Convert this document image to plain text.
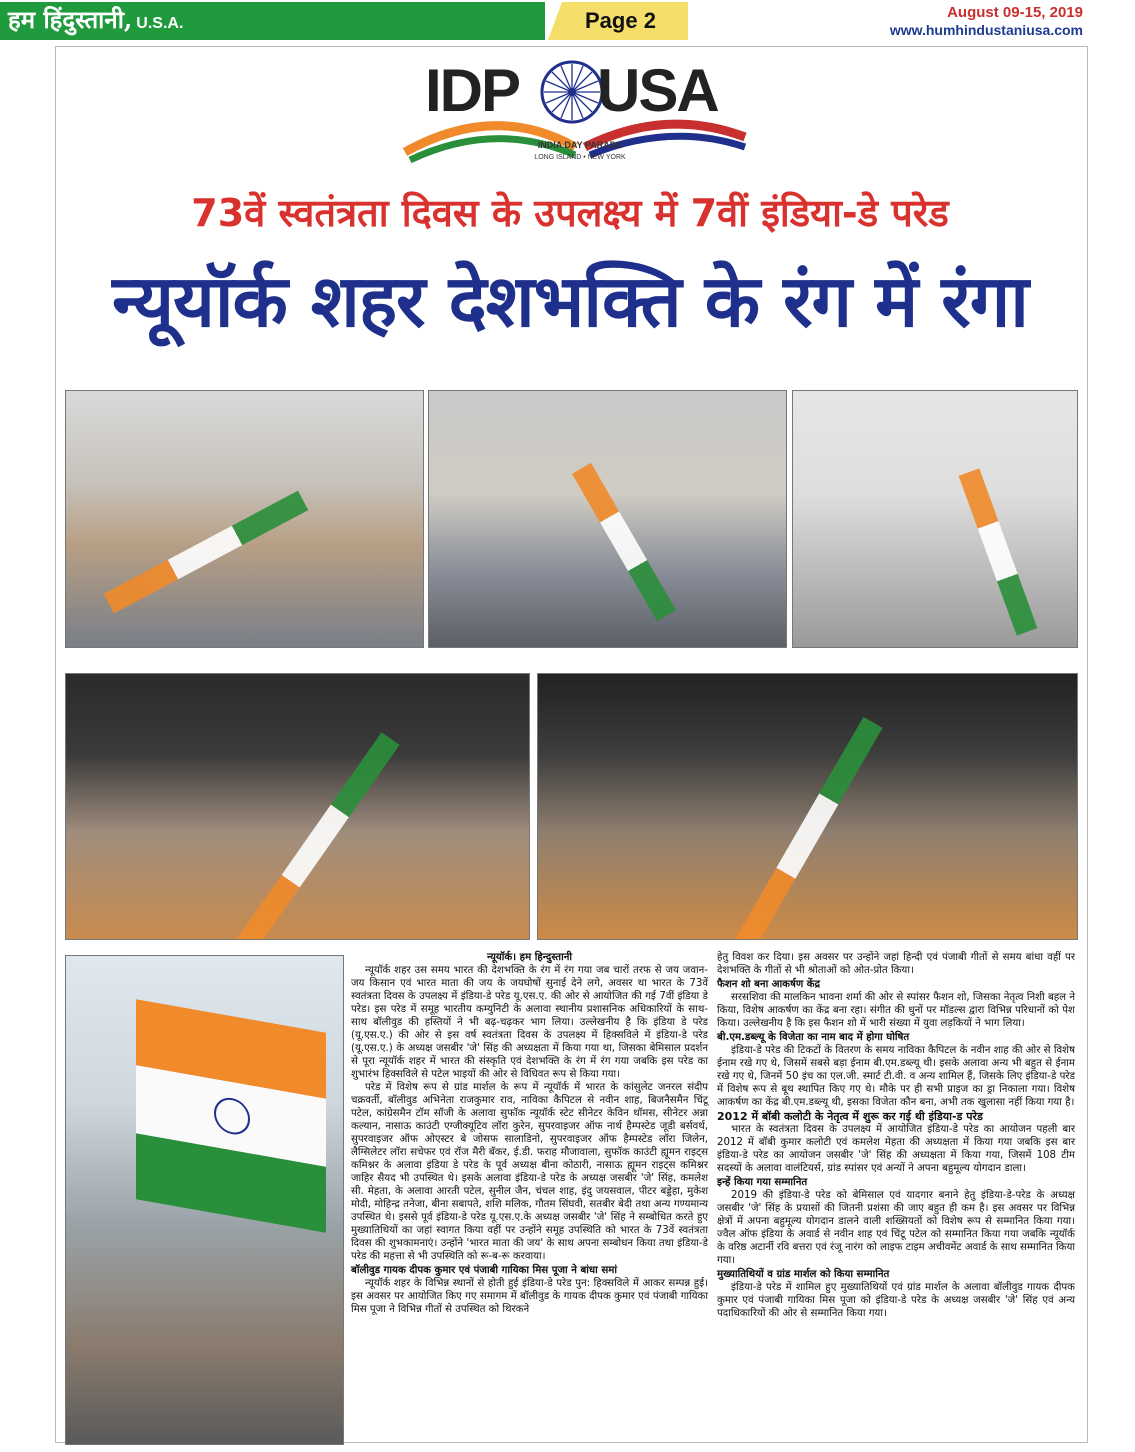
हम हिंदुस्तानी, U.S.A.	Page 2	August 09-15, 2019
www.humhindustaniusa.com
IDP USA
INDIA DAY PARADE
LONG ISLAND • NEW YORK
73वें स्वतंत्रता दिवस के उपलक्ष्य में 7वीं इंडिया-डे परेड
न्यूयॉर्क शहर देशभक्ति के रंग में रंगा

न्यूयॉर्क। हम हिन्दुस्तानी

न्यूयॉर्क शहर उस समय भारत की देशभक्ति के रंग में रंग गया जब चारों तरफ से जय जवान-जय किसान एवं भारत माता की जय के जयघोषों सुनाई देने लगे, अवसर था भारत के 73वें स्वतंत्रता दिवस के उपलक्ष्य में इंडिया-डे परेड यू.एस.ए. की ओर से आयोजित की गई 7वीं इंडिया डे परेड। इस परेड में समूह भारतीय कम्युनिटी के अलावा स्थानीय प्रशासनिक अधिकारियों के साथ-साथ बॉलीवुड की हस्तियों ने भी बढ़-चढ़कर भाग लिया। उल्लेखनीय है कि इंडिया डे परेड (यू.एस.ए.) की ओर से इस वर्ष स्वतंत्रता दिवस के उपलक्ष्य में हिक्सविले में इंडिया-डे परेड (यू.एस.ए.) के अध्यक्ष जसबीर 'जे' सिंह की अध्यक्षता में किया गया था, जिसका बेमिसाल प्रदर्शन से पूरा न्यूयॉर्क शहर में भारत की संस्कृति एवं देशभक्ति के रंग में रंग गया जबकि इस परेड का शुभारंभ हिक्सविले से पटेल भाइयों की ओर से विधिवत रूप से किया गया।

परेड में विशेष रूप से ग्रांड मार्शल के रूप में न्यूयॉर्क में भारत के कांसुलेट जनरल संदीप चक्रवर्ती, बॉलीवुड अभिनेता राजकुमार राव, नाविका कैपिटल से नवीन शाह, बिजनैसमैन चिंटू पटेल, कांग्रेसमैन टॉम सॉजी के अलावा सुफॉक न्यूयॉर्क स्टेट सीनेटर केविन थॉमस, सीनेटर अन्ना कल्यान, नासाऊ काउंटी एग्जीक्यूटिव लॉरा कुरेन, सुपरवाइजर ऑफ नार्थ हैम्पस्टेड जूडी बर्सवर्थ, सुपरवाइजर ऑफ ओएस्टर बे जोसफ सालाडिनो, सुपरवाइजर ऑफ हैम्पस्टेड लॉरा जिलेन, लैग्सिलेटर लॉरा सचेफर एवं रॉज मैरी बॅकर, ई.डी. फराह मौजावाला, सुफॉक काउंटी ह्यूमन राइट्स कमिश्नर के अलावा इंडिया डे परेड के पूर्व अध्यक्ष बीना कोठारी, नासाऊ ह्यूमन राइट्स कमिश्नर जाहिर सैयद भी उपस्थित थे। इसके अलावा इंडिया-डे परेड के अध्यक्ष जसबीर 'जे' सिंह, कमलेश सी. मेहता, के अलावा आरती पटेल, सुनील जैन, चंचल शाह, इंदु जयसवाल, पीटर बड्डेहा, मुकेश मोदी, मोहिन्द्र तनेजा, बीना सबापते, शशि मलिक, गौतम सिंघवी, सतबीर बेदी तथा अन्य गण्यमान्य उपस्थित थे। इससे पूर्व इंडिया-डे परेड यू.एस.ए.के अध्यक्ष जसबीर 'जे' सिंह ने सम्बोधित करते हुए मुख्यातिथियों का जहां स्वागत किया वहीं पर उन्होंने समूह उपस्थिति को भारत के 73वें स्वतंत्रता दिवस की शुभकामनाएं। उन्होंने 'भारत माता की जय' के साथ अपना सम्बोधन किया तथा इंडिया-डे परेड की महत्ता से भी उपस्थिति को रू-ब-रू करवाया।

बॉलीवुड गायक दीपक कुमार एवं पंजाबी गायिका मिस पूजा ने बांधा समां

न्यूयॉर्क शहर के विभिन्न स्थानों से होती हुई इंडिया-डे परेड पुन: हिक्सविले में आकर सम्पन्न हुई। इस अवसर पर आयोजित किए गए समागम में बॉलीवुड के गायक दीपक कुमार एवं पंजाबी गायिका मिस पूजा ने विभिन्न गीतों से उपस्थित को थिरकने

हेतु विवश कर दिया। इस अवसर पर उन्होंने जहां हिन्दी एवं पंजाबी गीतों से समय बांधा वहीं पर देशभक्ति के गीतों से भी श्रोताओं को ओत-प्रोत किया।

फैशन शो बना आकर्षण केंद्र

सरसशिवा की मालकिन भावना शर्मा की ओर से स्पांसर फैशन शो, जिसका नेतृत्व निशी बहल ने किया, विशेष आकर्षण का केंद्र बना रहा। संगीत की धुनों पर मॉडल्स द्वारा विभिन्न परिधानों को पेश किया। उल्लेखनीय है कि इस फैशन शो में भारी संख्या में युवा लड़कियों ने भाग लिया।

बी.एम.डब्ल्यू के विजेता का नाम बाद में होगा घोषित

इंडिया-डे परेड की टिकटों के वितरण के समय नाविका कैपिटल के नवीन शाह की ओर से विशेष ईनाम रखे गए थे, जिसमें सबसे बड़ा ईनाम बी.एम.डब्ल्यू थी। इसके अलावा अन्य भी बहुत से ईनाम रखे गए थे, जिनमें 50 इंच का एल.जी. स्मार्ट टी.वी. व अन्य शामिल हैं, जिसके लिए इंडिया-डे परेड में विशेष रूप से बूथ स्थापित किए गए थे। मौके पर ही सभी प्राइज का ड्रा निकाला गया। विशेष आकर्षण का केंद्र बी.एम.डब्ल्यू थी, इसका विजेता कौन बना, अभी तक खुलासा नहीं किया गया है।

2012 में बॉबी कलोटी के नेतृत्व में शुरू कर गई थी इंडिया-ड परेड

भारत के स्वतंत्रता दिवस के उपलक्ष्य में आयोजित इंडिया-डे परेड का आयोजन पहली बार 2012 में बॉबी कुमार कलोटी एवं कमलेश मेहता की अध्यक्षता में किया गया जबकि इस बार इंडिया-डे परेड का आयोजन जसबीर 'जे' सिंह की अध्यक्षता में किया गया, जिसमें 108 टीम सदस्यों के अलावा वालंटियर्स, ग्रांड स्पांसर एवं अन्यों ने अपना बहुमूल्य योगदान डाला।

इन्हें किया गया सम्मानित

2019 की इंडिया-डे परेड को बेमिसाल एवं यादगार बनाने हेतु इंडिया-डे-परेड के अध्यक्ष जसबीर 'जे' सिंह के प्रयासों की जितनी प्रशंसा की जाए बहुत ही कम है। इस अवसर पर विभिन्न क्षेत्रों में अपना बहुमूल्य योगदान डालने वाली शख्सियतों को विशेष रूप से सम्मानित किया गया। ज्वैल ऑफ इंडिया के अवार्ड से नवीन शाह एवं चिंटू पटेल को सम्मानित किया गया जबकि न्यूयॉर्क के वरिष्ठ अटार्नी रवि बत्तरा एवं रंजू नारंग को लाइफ टाइम अचीवमेंट अवार्ड के साथ सम्मानित किया गया।

मुख्यातिथियों व ग्रांड मार्शल को किया सम्मानित

इंडिया-डे परेड में शामिल हुए मुख्यातिथियों एवं ग्रांड मार्शल के अलावा बॉलीवुड गायक दीपक कुमार एवं पंजाबी गायिका मिस पूजा को इंडिया-डे परेड के अध्यक्ष जसबीर 'जे' सिंह एवं अन्य पदाधिकारियों की ओर से सम्मानित किया गया।
